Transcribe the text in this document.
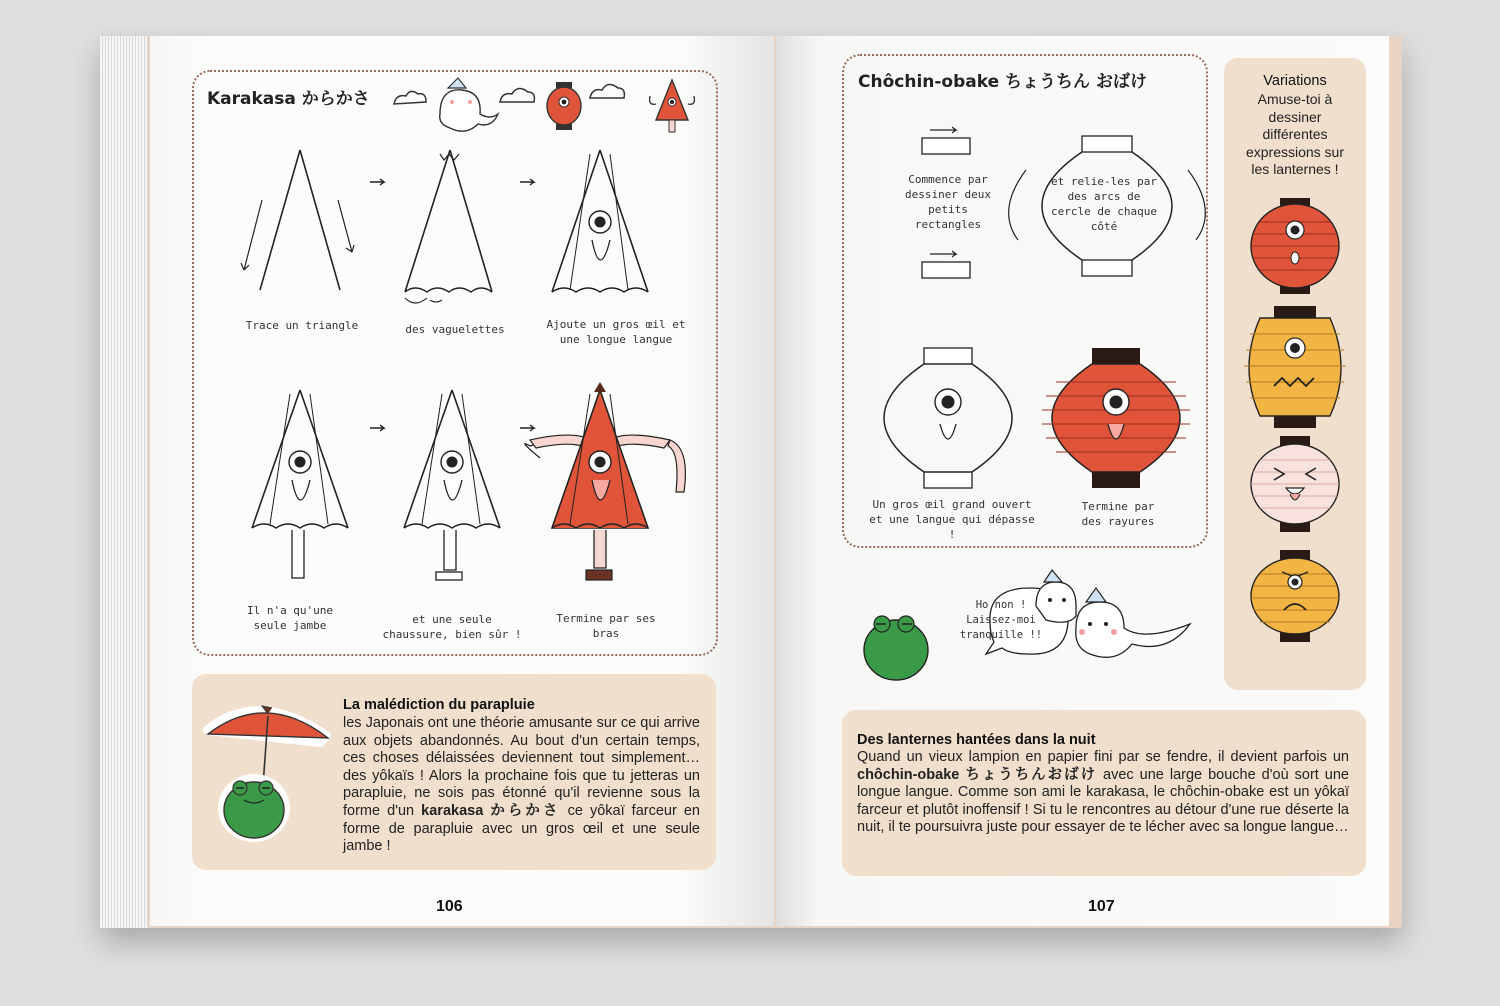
Karakasa からかさ
Trace un triangle	des vaguelettes	Ajoute un gros œil et une longue langue
Il n'a qu'une seule jambe	et une seule chaussure, bien sûr !
Termine par ses bras
La malédiction du parapluie
les Japonais ont une théorie amusante sur ce qui arrive aux objets abandonnés. Au bout d'un certain temps, ces choses délaissées deviennent tout simplement… des yôkaïs ! Alors la prochaine fois que tu jetteras un parapluie, ne sois pas étonné qu'il revienne sous la forme d'un karakasa からかさ ce yôkaï farceur en forme de parapluie avec un gros œil et une seule jambe !
106
Chôchin-obake ちょうちん おばけ
Commence par dessiner deux petits rectangles
et relie-les par des arcs de cercle de chaque côté
Un gros œil grand ouvert et une langue qui dépasse !
Termine par des rayures
Variations
Amuse-toi à dessiner différentes expressions sur les lanternes !
Ho non ! Laissez-moi tranquille !!
Des lanternes hantées dans la nuit
Quand un vieux lampion en papier fini par se fendre, il devient parfois un chôchin-obake ちょうちんおばけ avec une large bouche d'où sort une longue langue. Comme son ami le karakasa, le chôchin-obake est un yôkaï farceur et plutôt inoffensif ! Si tu le rencontres au détour d'une rue déserte la nuit, il te poursuivra juste pour essayer de te lécher avec sa longue langue…
107
